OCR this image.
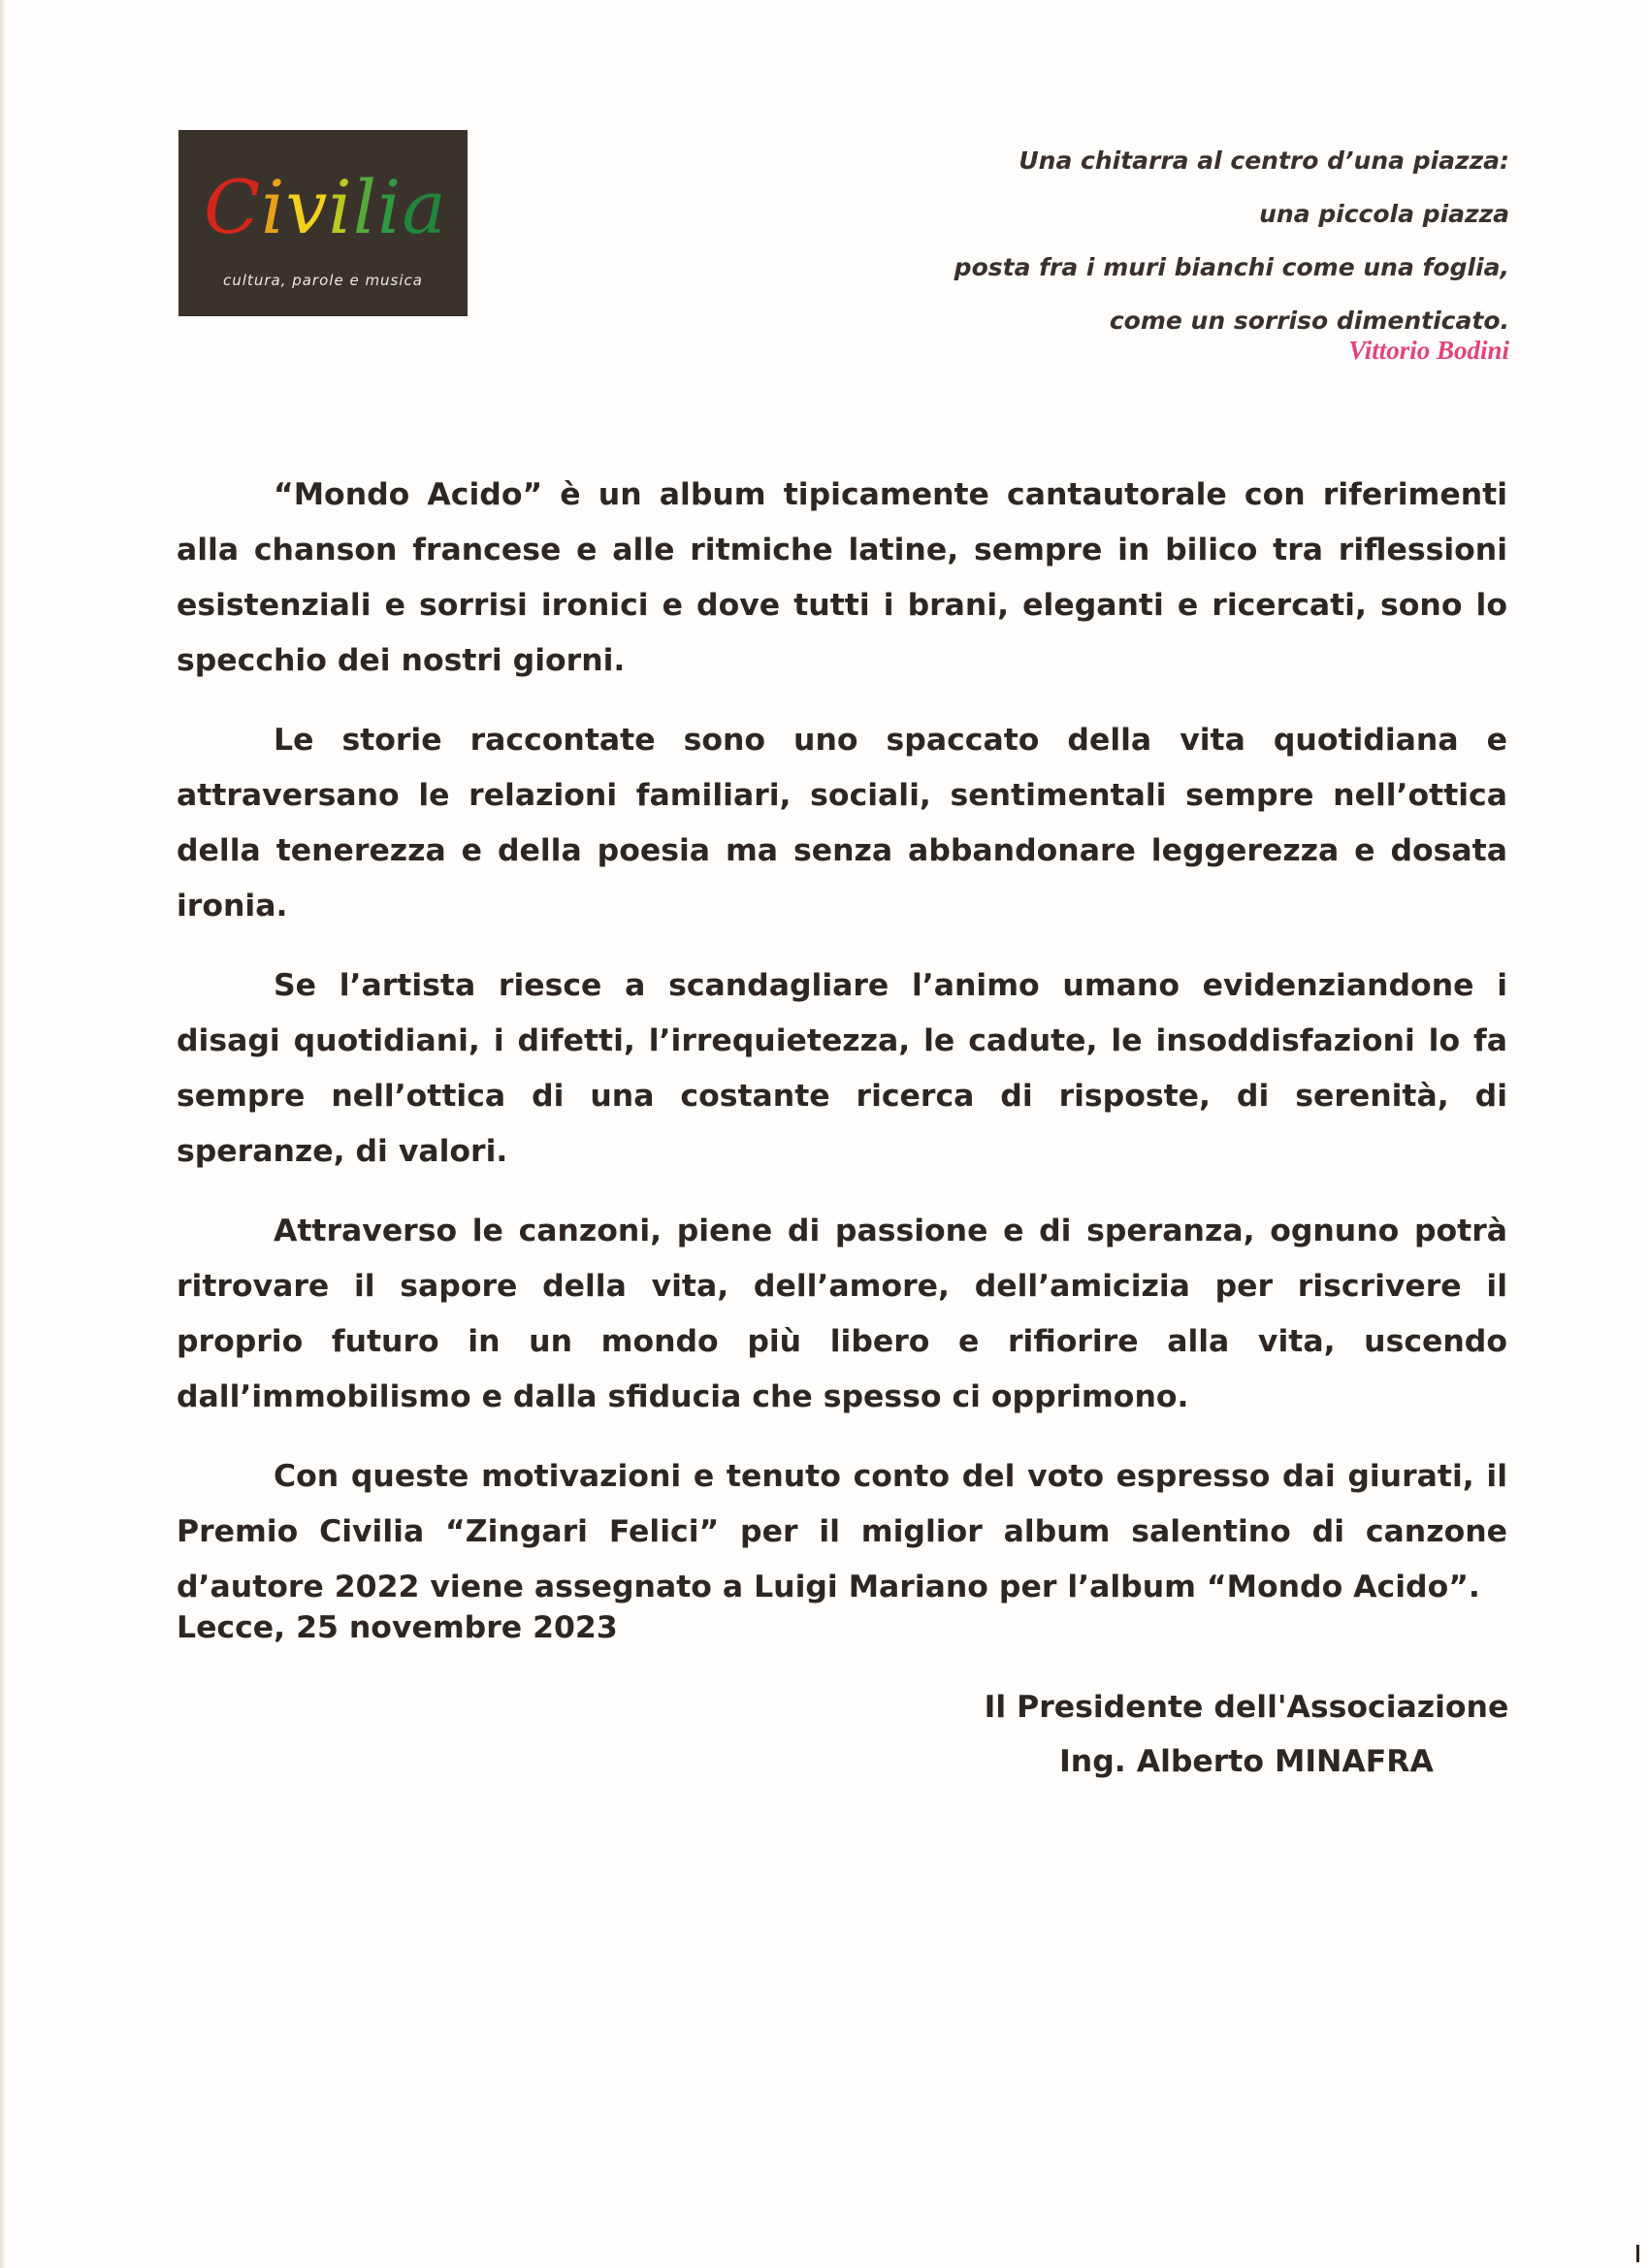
Civilia
cultura, parole e musica

Una chitarra al centro d’una piazza:

una piccola piazza

posta fra i muri bianchi come una foglia,

come un sorriso dimenticato.

Vittorio Bodini

“Mondo Acido” è un album tipicamente cantautorale con riferimenti alla chanson francese e alle ritmiche latine, sempre in bilico tra riflessioni esistenziali e sorrisi ironici e dove tutti i brani, eleganti e ricercati, sono lo specchio dei nostri giorni.

Le storie raccontate sono uno spaccato della vita quotidiana e attraversano le relazioni familiari, sociali, sentimentali sempre nell’ottica della tenerezza e della poesia ma senza abbandonare leggerezza e dosata ironia.

Se l’artista riesce a scandagliare l’animo umano evidenziandone i disagi quotidiani, i difetti, l’irrequietezza, le cadute, le insoddisfazioni lo fa sempre nell’ottica di una costante ricerca di risposte, di serenità, di speranze, di valori.

Attraverso le canzoni, piene di passione e di speranza, ognuno potrà ritrovare il sapore della vita, dell’amore, dell’amicizia per riscrivere il proprio futuro in un mondo più libero e rifiorire alla vita, uscendo dall’immobilismo e dalla sfiducia che spesso ci opprimono.

Con queste motivazioni e tenuto conto del voto espresso dai giurati, il Premio Civilia “Zingari Felici” per il miglior album salentino di canzone d’autore 2022 viene assegnato a Luigi Mariano per l’album “Mondo Acido”.

Lecce, 25 novembre 2023

Il Presidente dell'Associazione
Ing. Alberto MINAFRA
